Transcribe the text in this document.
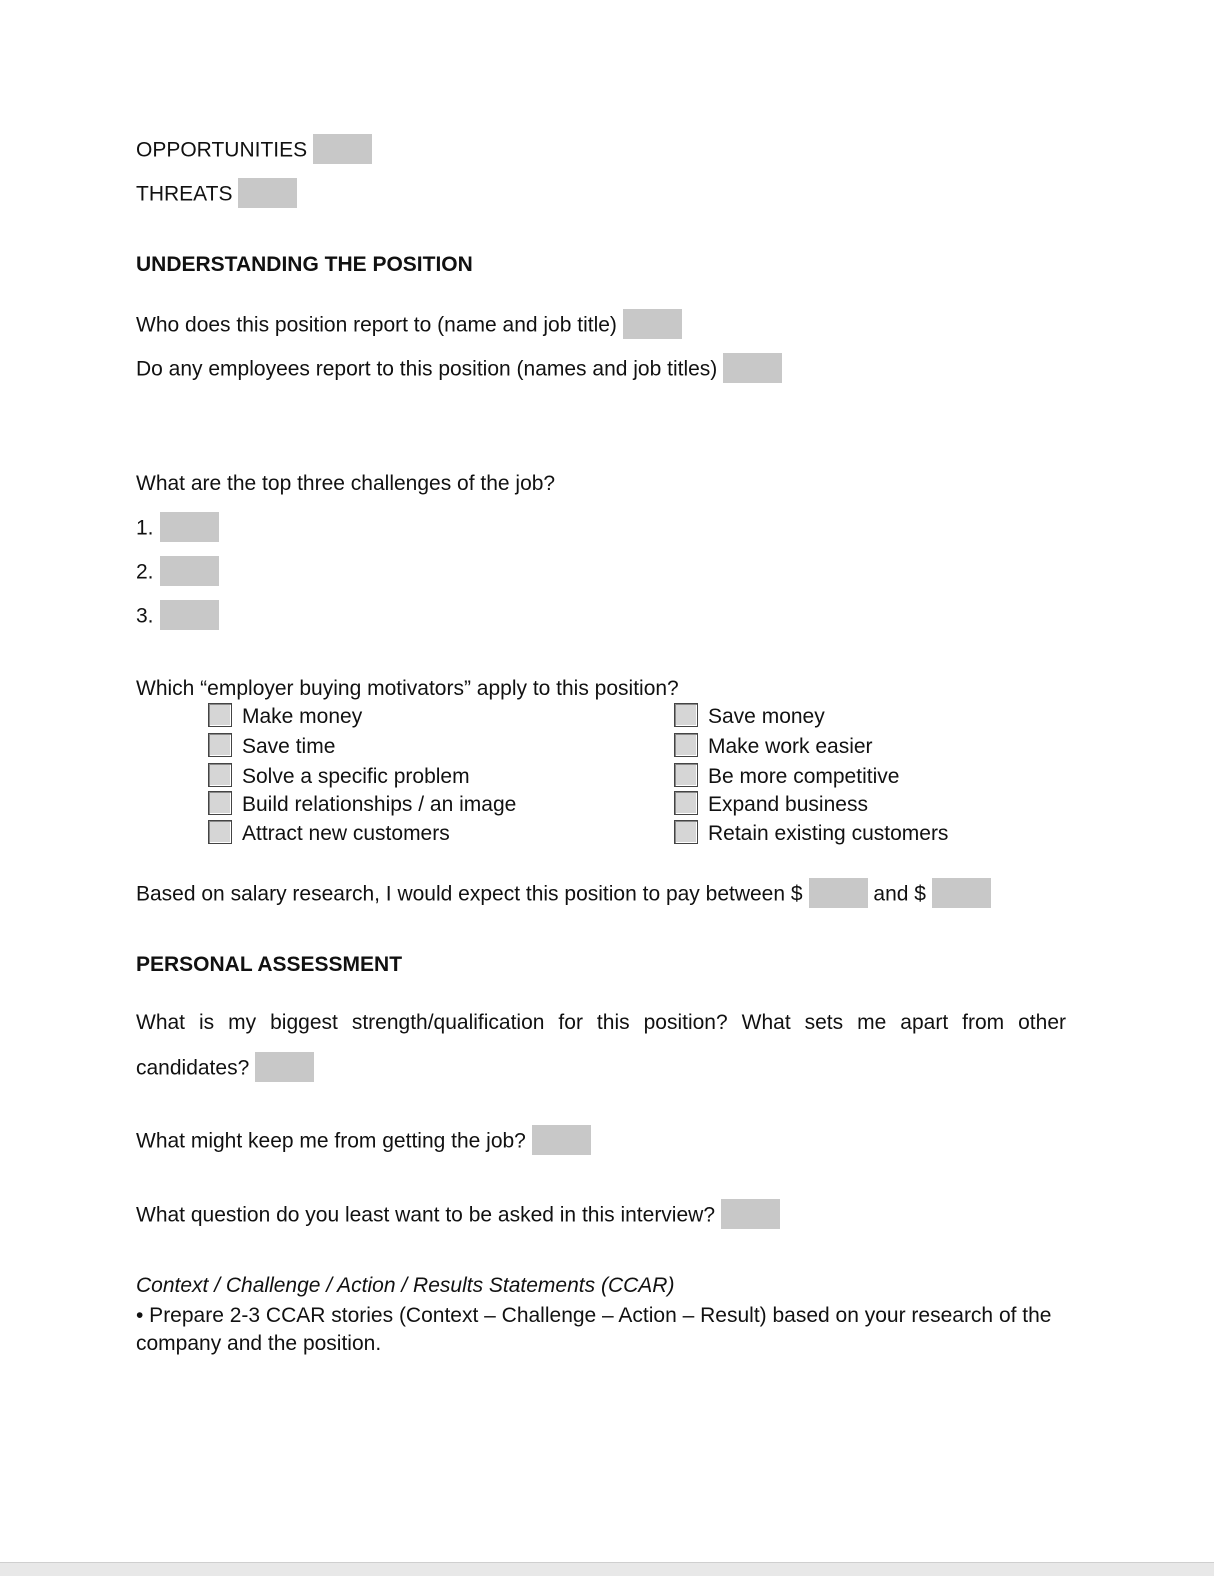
OPPORTUNITIES
THREATS
UNDERSTANDING THE POSITION
Who does this position report to (name and job title)
Do any employees report to this position (names and job titles)
What are the top three challenges of the job?
1.
2.
3.
Which “employer buying motivators” apply to this position?
Make money
Save time
Solve a specific problem
Build relationships / an image
Attract new customers
Save money
Make work easier
Be more competitive
Expand business
Retain existing customers
Based on salary research, I would expect this position to pay between $	and $
PERSONAL ASSESSMENT
What is my biggest strength/qualification for this position? What sets me apart from other
candidates?
What might keep me from getting the job?
What question do you least want to be asked in this interview?
Context / Challenge / Action / Results Statements (CCAR)
• Prepare 2-3 CCAR stories (Context – Challenge – Action – Result) based on your research of the company and the position.
